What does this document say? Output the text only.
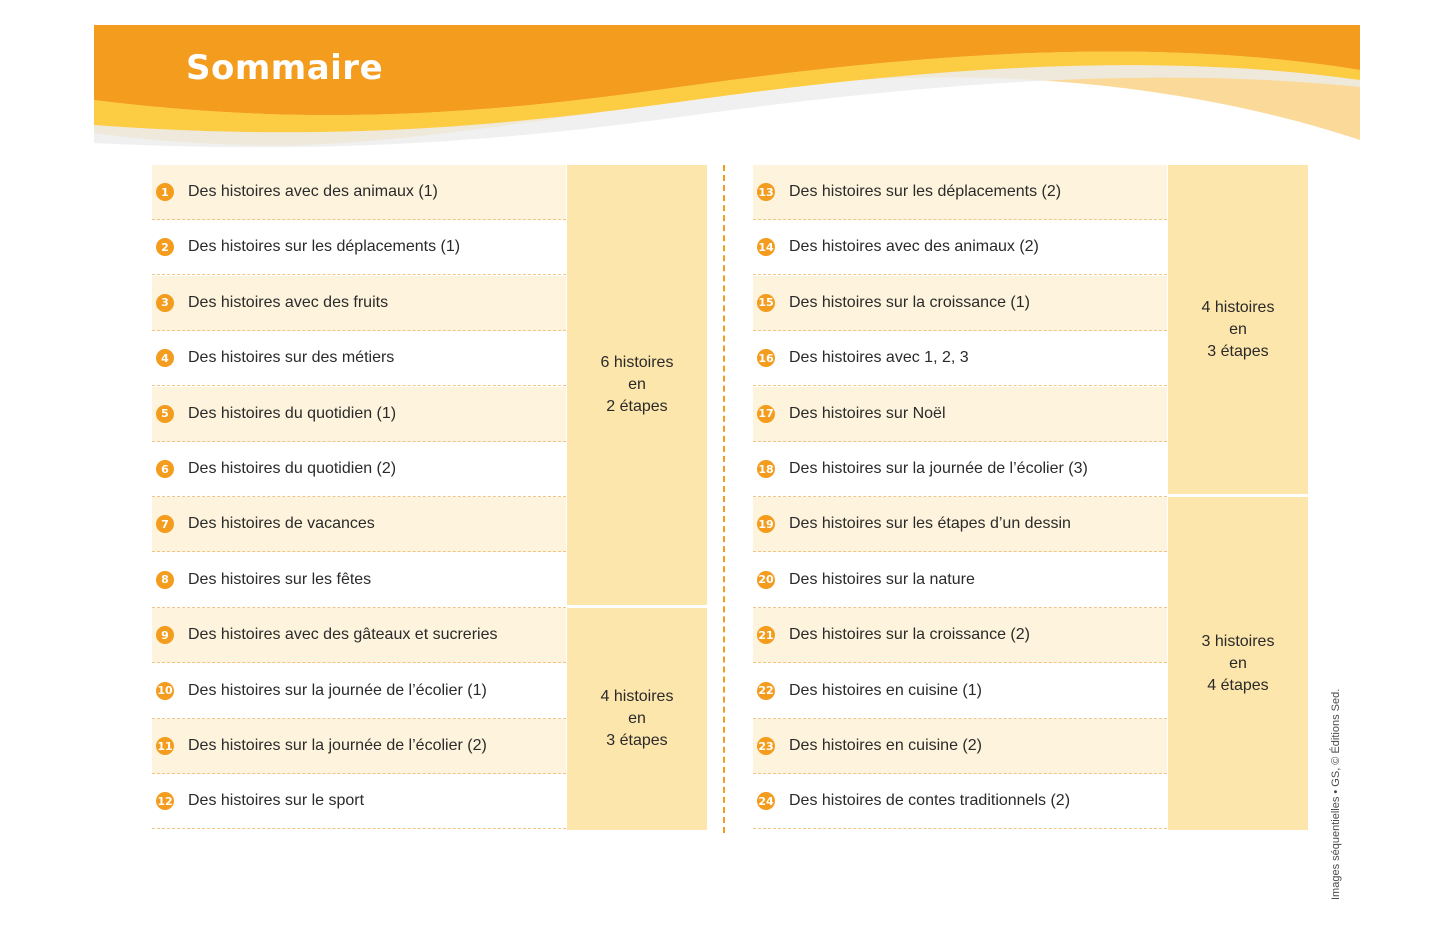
Sommaire
1	Des histoires avec des animaux (1)
2	Des histoires sur les déplacements (1)
3	Des histoires avec des fruits
4	Des histoires sur des métiers
5	Des histoires du quotidien (1)
6	Des histoires du quotidien (2)
7	Des histoires de vacances
8	Des histoires sur les fêtes
9	Des histoires avec des gâteaux et sucreries
10 Des histoires sur la journée de l’écolier (1)
11 Des histoires sur la journée de l’écolier (2)
12 Des histoires sur le sport
6 histoires
en
2 étapes
4 histoires
en
3 étapes
13 Des histoires sur les déplacements (2)
14 Des histoires avec des animaux (2)
15 Des histoires sur la croissance (1)
16 Des histoires avec 1, 2, 3
17 Des histoires sur Noël
18 Des histoires sur la journée de l’écolier (3)
19 Des histoires sur les étapes d’un dessin
20 Des histoires sur la nature
21 Des histoires sur la croissance (2)
22 Des histoires en cuisine (1)
23 Des histoires en cuisine (2)
24 Des histoires de contes traditionnels (2)
4 histoires
en
3 étapes
3 histoires
en
4 étapes
Images séquentielles • GS, © Éditions Sed.
